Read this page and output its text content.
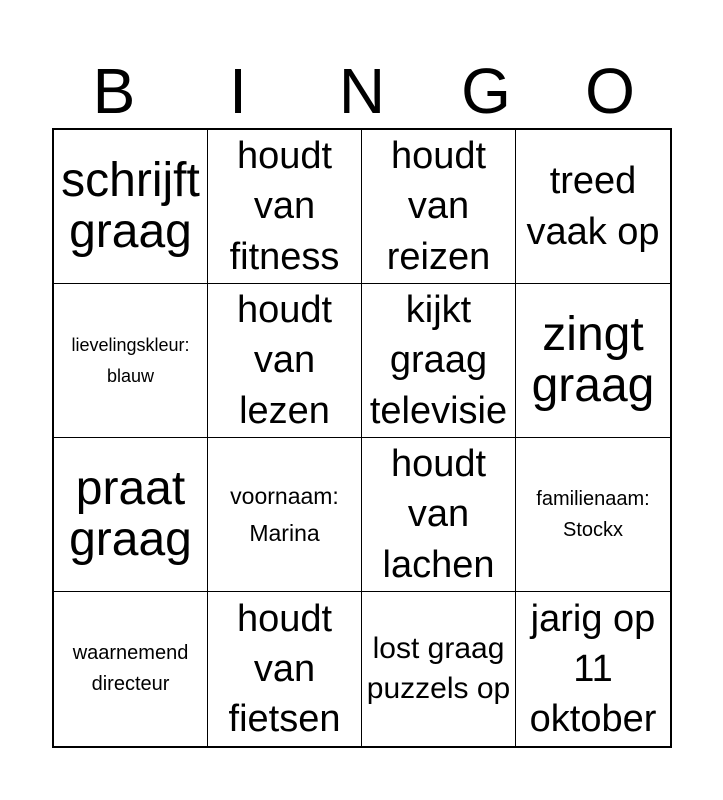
B	I	N	G	O
schrijft graag
houdt van fitness
houdt van reizen
treed vaak op
lievelingskleur: blauw
houdt van lezen
kijkt graag televisie
zingt graag
praat graag
voornaam: Marina
houdt van lachen
familienaam: Stockx
waarnemend directeur
houdt van fietsen
lost graag puzzels op
jarig op 11 oktober
